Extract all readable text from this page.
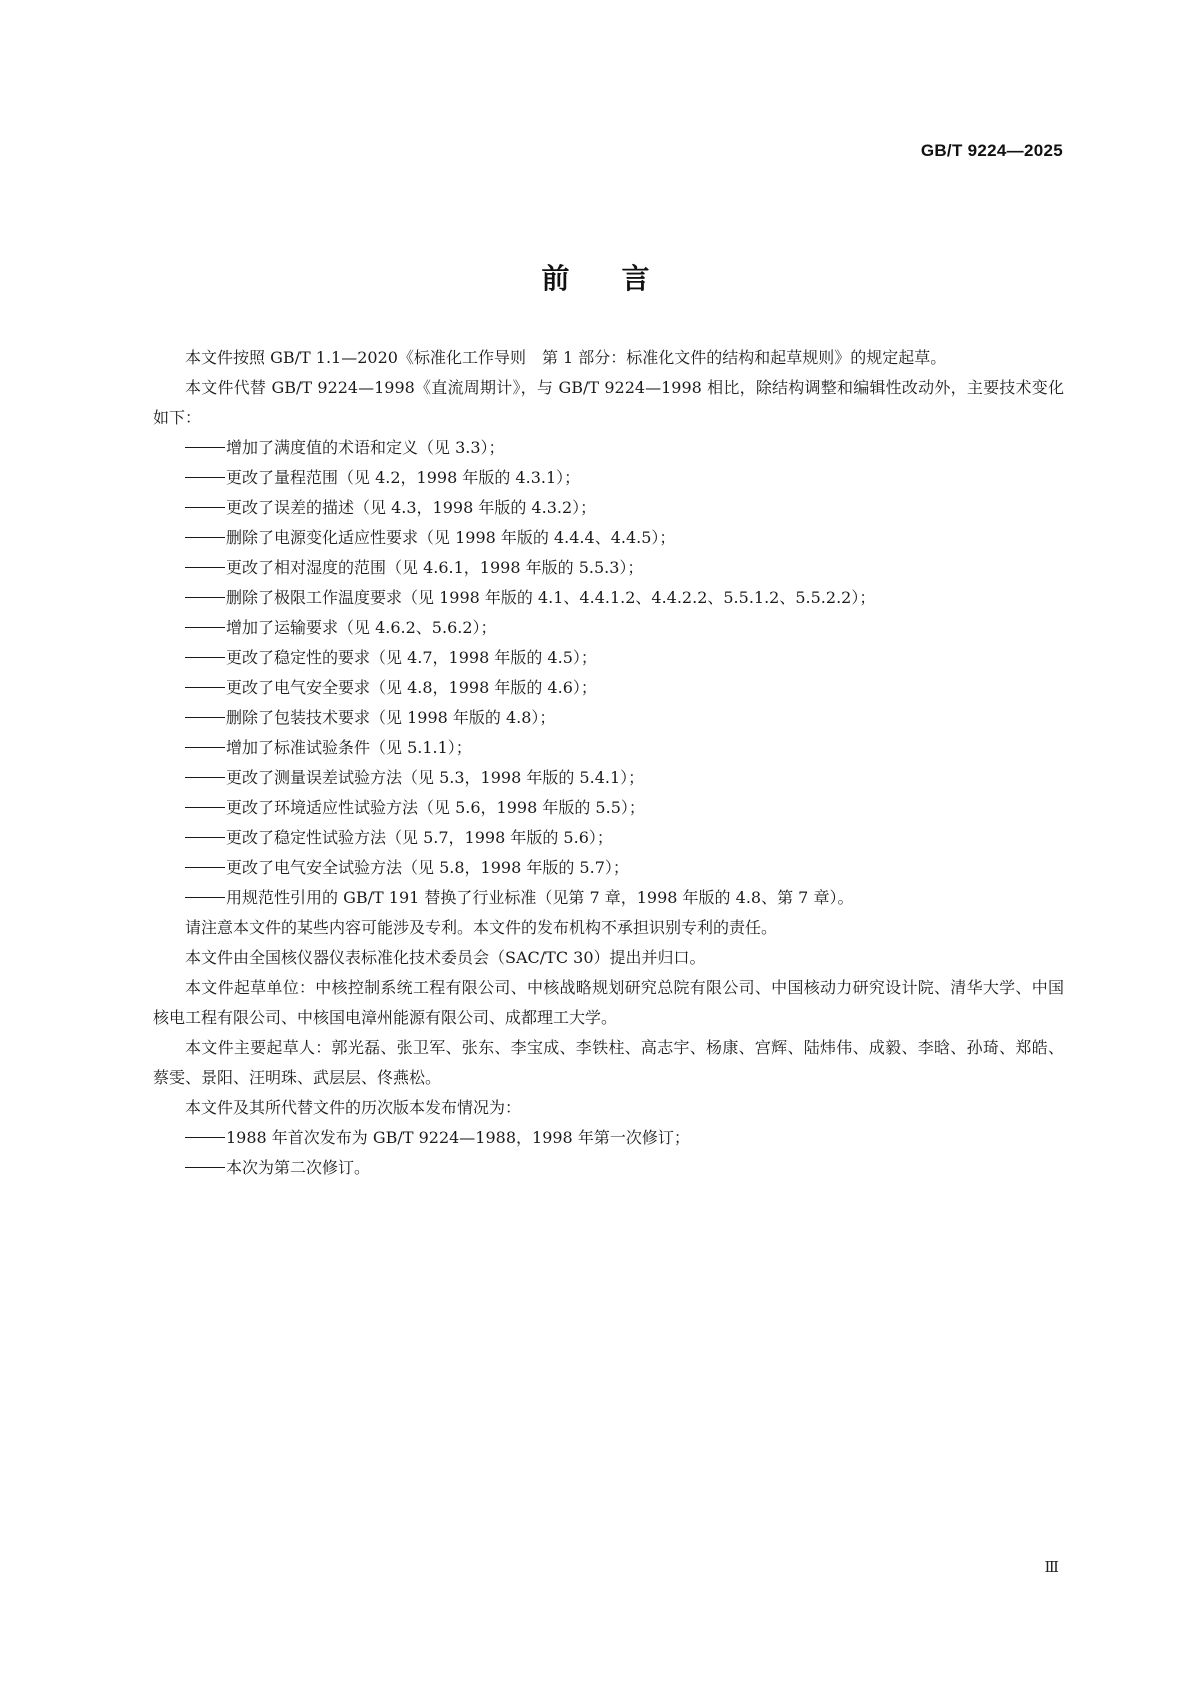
GB/T 9224—2025
前言

本文件按照 GB/T 1.1—2020《标准化工作导则　第 1 部分：标准化文件的结构和起草规则》的规定起草。

本文件代替 GB/T 9224—1998《直流周期计》，与 GB/T 9224—1998 相比，除结构调整和编辑性改动外，主要技术变化如下：

增加了满度值的术语和定义（见 3.3）；
更改了量程范围（见 4.2，1998 年版的 4.3.1）；
更改了误差的描述（见 4.3，1998 年版的 4.3.2）；
删除了电源变化适应性要求（见 1998 年版的 4.4.4、4.4.5）；
更改了相对湿度的范围（见 4.6.1，1998 年版的 5.5.3）；
删除了极限工作温度要求（见 1998 年版的 4.1、4.4.1.2、4.4.2.2、5.5.1.2、5.5.2.2）；
增加了运输要求（见 4.6.2、5.6.2）；
更改了稳定性的要求（见 4.7，1998 年版的 4.5）；
更改了电气安全要求（见 4.8，1998 年版的 4.6）；
删除了包装技术要求（见 1998 年版的 4.8）；
增加了标准试验条件（见 5.1.1）；
更改了测量误差试验方法（见 5.3，1998 年版的 5.4.1）；
更改了环境适应性试验方法（见 5.6，1998 年版的 5.5）；
更改了稳定性试验方法（见 5.7，1998 年版的 5.6）；
更改了电气安全试验方法（见 5.8，1998 年版的 5.7）；
用规范性引用的 GB/T 191 替换了行业标准（见第 7 章，1998 年版的 4.8、第 7 章）。

请注意本文件的某些内容可能涉及专利。本文件的发布机构不承担识别专利的责任。

本文件由全国核仪器仪表标准化技术委员会（SAC/TC 30）提出并归口。

本文件起草单位：中核控制系统工程有限公司、中核战略规划研究总院有限公司、中国核动力研究设计院、清华大学、中国核电工程有限公司、中核国电漳州能源有限公司、成都理工大学。

本文件主要起草人：郭光磊、张卫军、张东、李宝成、李铁柱、高志宇、杨康、宫辉、陆炜伟、成毅、李晗、孙琦、郑皓、蔡雯、景阳、汪明珠、武层层、佟燕松。

本文件及其所代替文件的历次版本发布情况为：

1988 年首次发布为 GB/T 9224—1988，1998 年第一次修订；
本次为第二次修订。
Ⅲ
